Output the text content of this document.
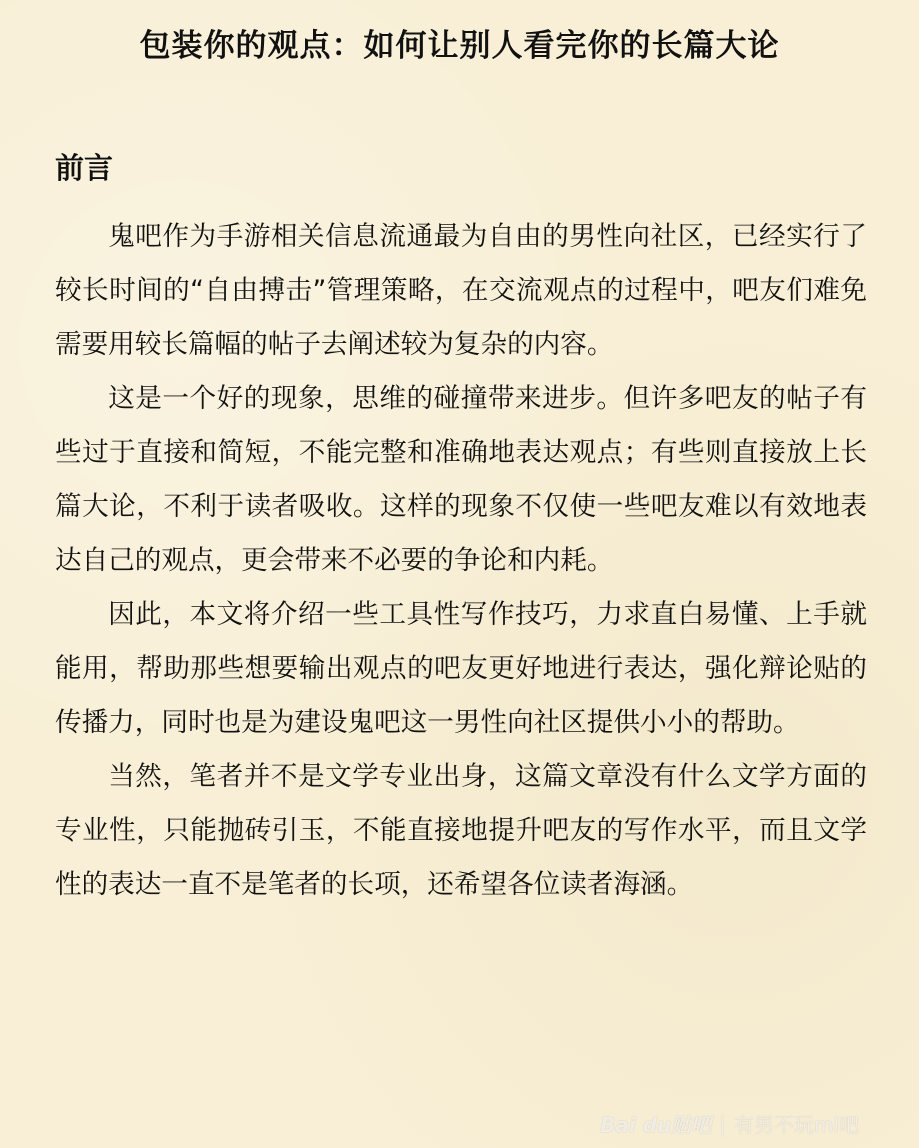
包装你的观点：如何让别人看完你的长篇大论
前言

鬼吧作为手游相关信息流通最为自由的男性向社区，已经实行了较长时间的“自由搏击”管理策略，在交流观点的过程中，吧友们难免需要用较长篇幅的帖子去阐述较为复杂的内容。

这是一个好的现象，思维的碰撞带来进步。但许多吧友的帖子有些过于直接和简短，不能完整和准确地表达观点；有些则直接放上长篇大论，不利于读者吸收。这样的现象不仅使一些吧友难以有效地表达自己的观点，更会带来不必要的争论和内耗。

因此，本文将介绍一些工具性写作技巧，力求直白易懂、上手就能用，帮助那些想要输出观点的吧友更好地进行表达，强化辩论贴的传播力，同时也是为建设鬼吧这一男性向社区提供小小的帮助。

当然，笔者并不是文学专业出身，这篇文章没有什么文学方面的专业性，只能抛砖引玉，不能直接地提升吧友的写作水平，而且文学性的表达一直不是笔者的长项，还希望各位读者海涵。

Bai du贴吧 | 有男不玩ml吧
